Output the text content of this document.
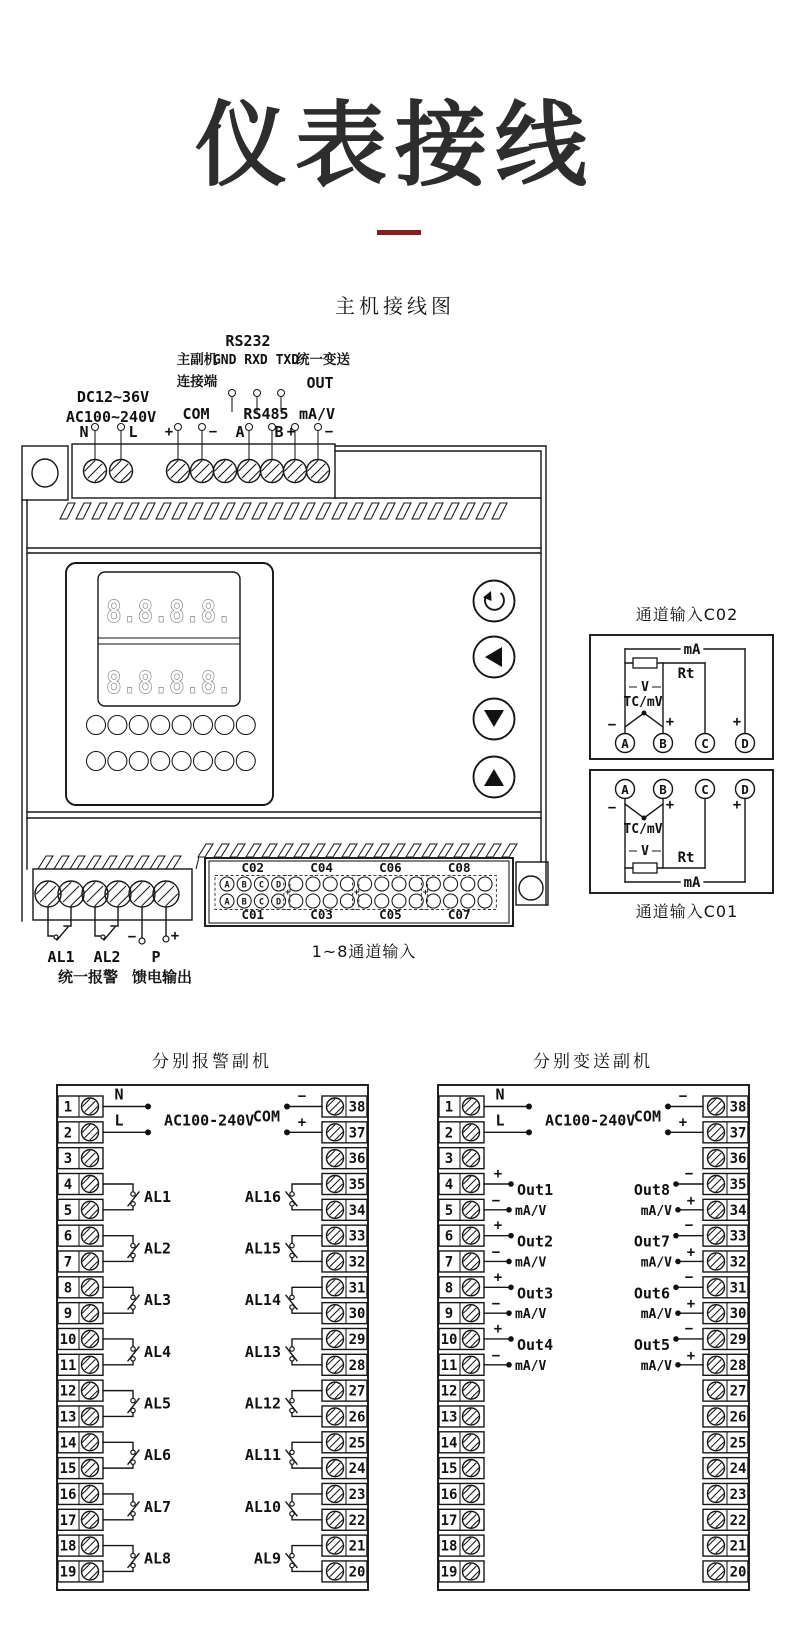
仪表接线
主机接线图
RS232
主副机
GND RXD TXD
统一变送
连接端	OUT
DC12~36V
AC100~240V COM RS485 mA/V
N	L +	− A B + −
8.8.8.8.
8.8.8.8.
A
A
B
B
C
C
D
D
C02
C01
C04
C03
C06
C05
C08
C07
+	+	+
AL1 AL2 P
− +
统一报警 馈电输出
1~8通道输入
通道输入C02
mA
Rt
V
TC/mV
−	+	+
A B	C	D
A B	C	D
−	+	+
TC/mV
V Rt
mA
通道输入C01
分别报警副机
1	38
2	37
3	36
4	35
5	34
6	33
7	32
8	31
9	30
10	29
11	28
12	27
13	26
14	25
15	24
16	23
17	22
18	21
19	20
N
L	AC100-240V
−
+
COM
AL1
AL2
AL3
AL4
AL5
AL6
AL7
AL8
AL16
AL15
AL14
AL13
AL12
AL11
AL10
AL9
分别变送副机
1	38
2	37
3	36
4	35
5	34
6	33
7	32
8	31
9	30
10	29
11	28
12	27
13	26
14	25
15	24
16	23
17	22
18	21
19	20
N
L	AC100-240V
−
+
COM
+
Out1
−
mA/V
+
Out2
−
mA/V
+
Out3
−
mA/V
+
Out4
−
mA/V
−
Out8
+
mA/V
−
Out7
+
mA/V
−
Out6
+
mA/V
−
Out5
+
mA/V
